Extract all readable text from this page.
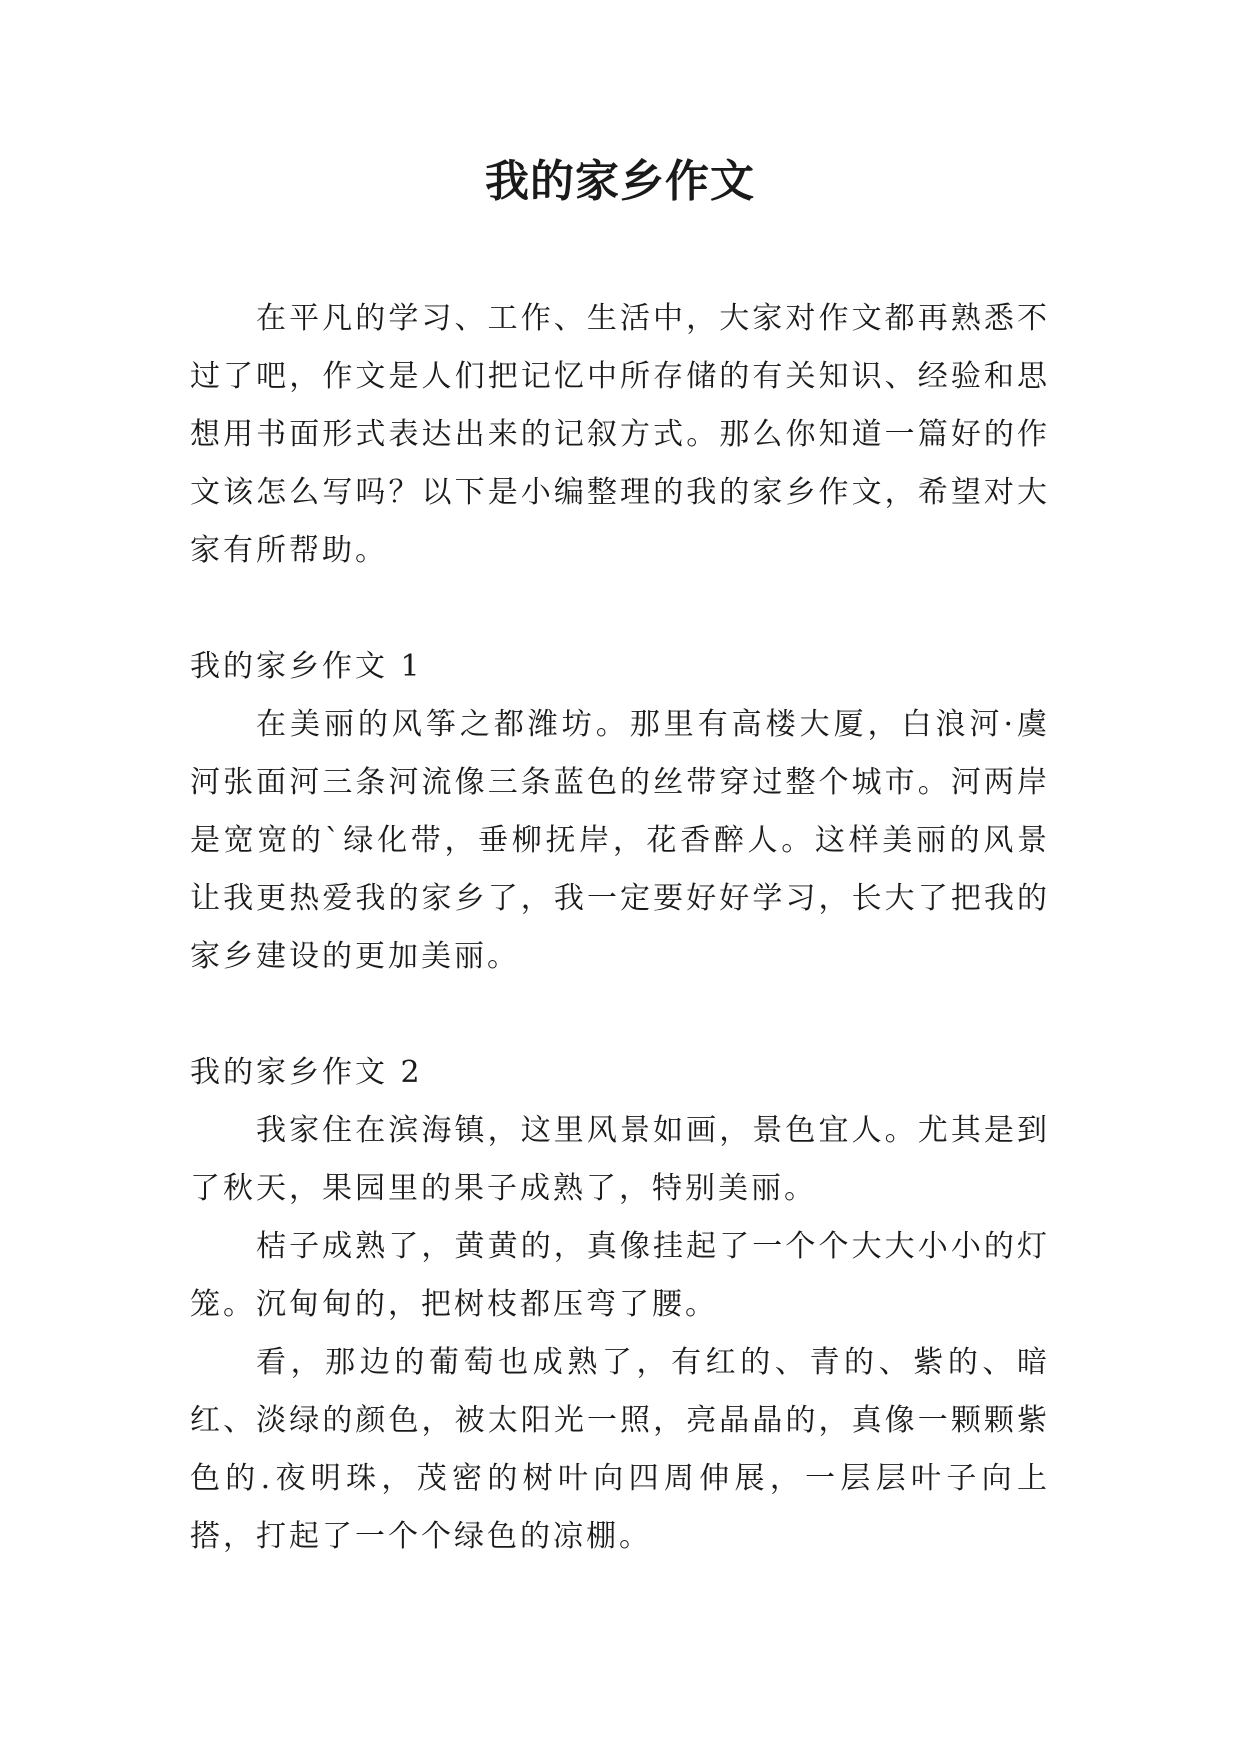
我的家乡作文

在平凡的学习、工作、生活中，大家对作文都再熟悉不过了吧，作文是人们把记忆中所存储的有关知识、经验和思想用书面形式表达出来的记叙方式。那么你知道一篇好的作文该怎么写吗？以下是小编整理的我的家乡作文，希望对大家有所帮助。

我的家乡作文 1

在美丽的风筝之都潍坊。那里有高楼大厦，白浪河·虞河张面河三条河流像三条蓝色的丝带穿过整个城市。河两岸是宽宽的`绿化带，垂柳抚岸，花香醉人。这样美丽的风景让我更热爱我的家乡了，我一定要好好学习，长大了把我的家乡建设的更加美丽。

我的家乡作文 2

我家住在滨海镇，这里风景如画，景色宜人。尤其是到了秋天，果园里的果子成熟了，特别美丽。

桔子成熟了，黄黄的，真像挂起了一个个大大小小的灯笼。沉甸甸的，把树枝都压弯了腰。

看，那边的葡萄也成熟了，有红的、青的、紫的、暗红、淡绿的颜色，被太阳光一照，亮晶晶的，真像一颗颗紫色的.夜明珠，茂密的树叶向四周伸展，一层层叶子向上搭，打起了一个个绿色的凉棚。
